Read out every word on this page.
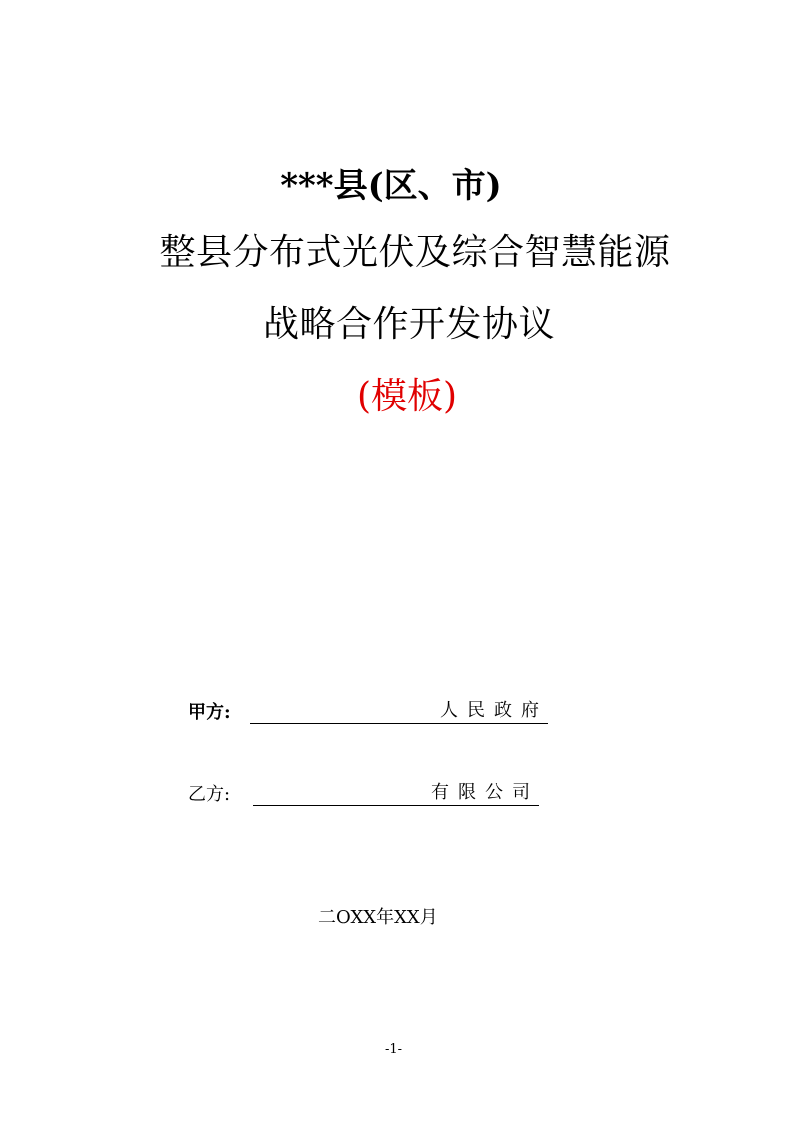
***县(区、市)
整县分布式光伏及综合智慧能源
战略合作开发协议
(模板)
甲方:	人民政府
乙方:	有限公司
二OXX年XX月
-1-
